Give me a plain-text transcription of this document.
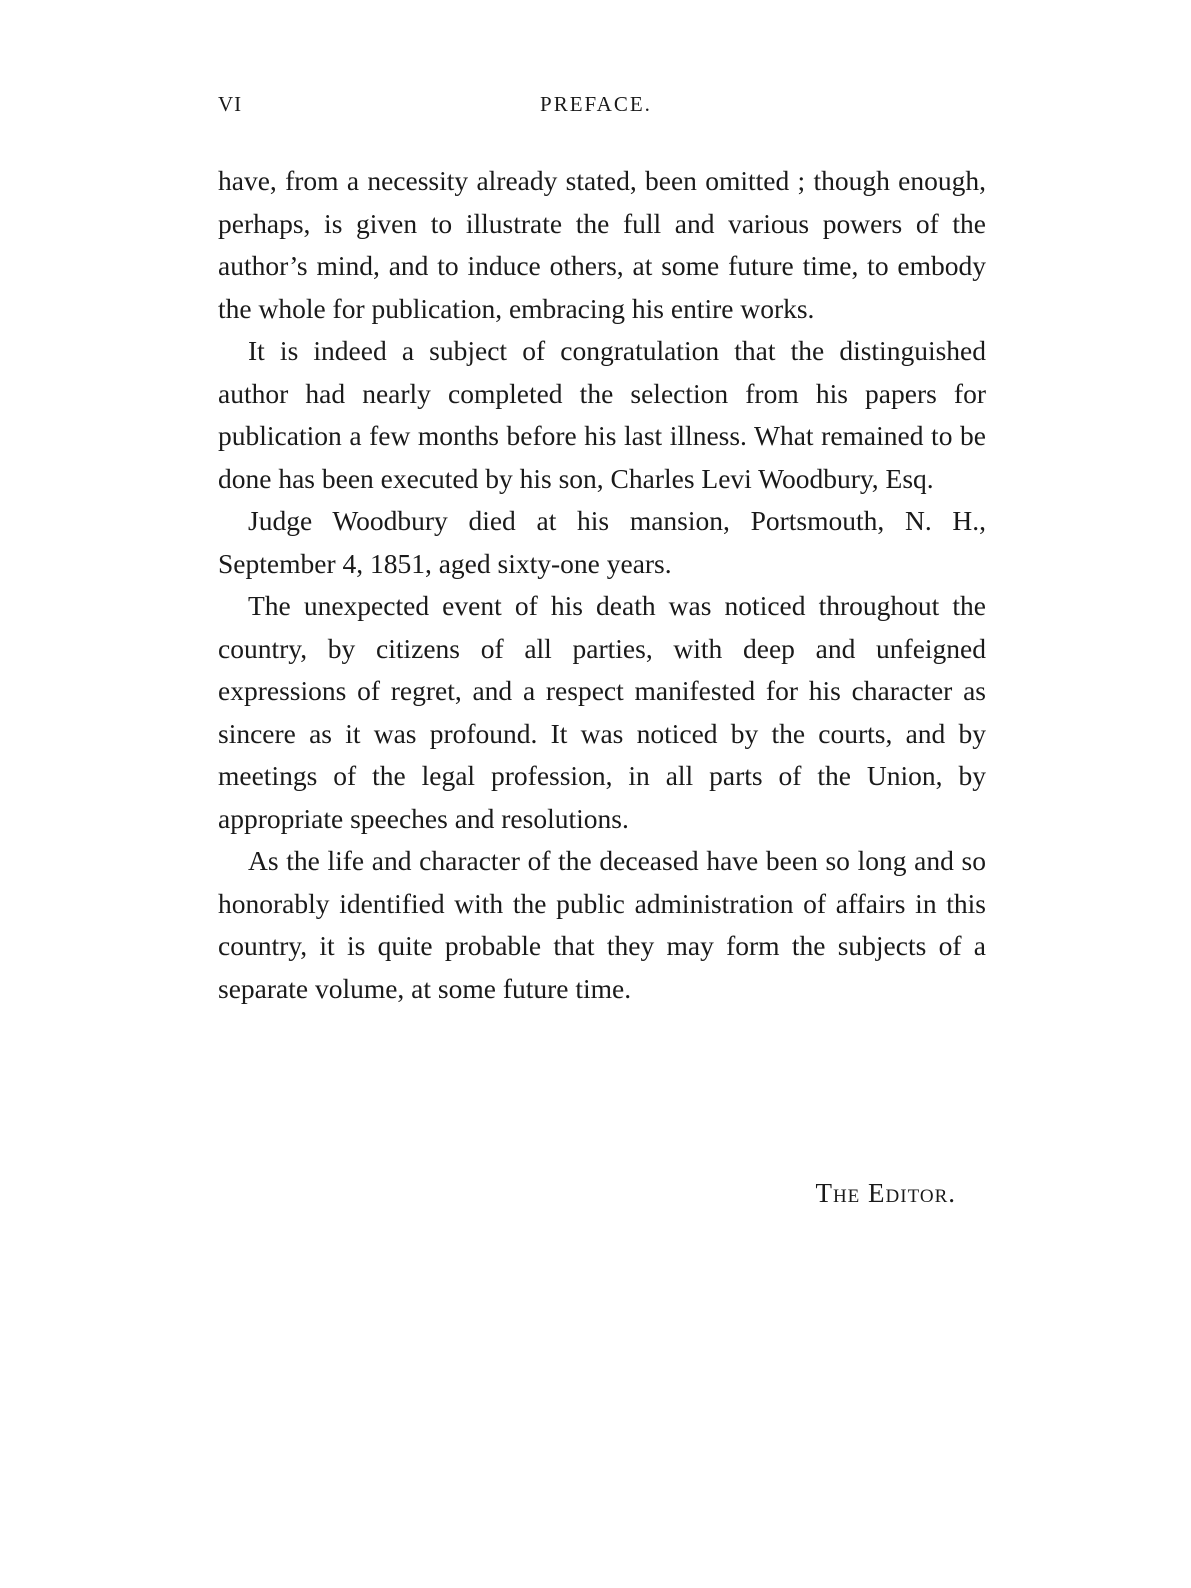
VI	PREFACE.

have, from a necessity already stated, been omitted ; though enough, perhaps, is given to illustrate the full and various powers of the author’s mind, and to induce others, at some future time, to embody the whole for publication, embracing his entire works.

It is indeed a subject of congratulation that the distinguished author had nearly completed the selection from his papers for publication a few months before his last illness. What remained to be done has been executed by his son, Charles Levi Woodbury, Esq.

Judge Woodbury died at his mansion, Portsmouth, N. H., September 4, 1851, aged sixty-one years.

The unexpected event of his death was noticed throughout the country, by citizens of all parties, with deep and unfeigned expressions of regret, and a respect manifested for his character as sincere as it was profound. It was noticed by the courts, and by meetings of the legal profession, in all parts of the Union, by appropriate speeches and resolutions.

As the life and character of the deceased have been so long and so honorably identified with the public administration of affairs in this country, it is quite probable that they may form the subjects of a separate volume, at some future time.

The Editor.
